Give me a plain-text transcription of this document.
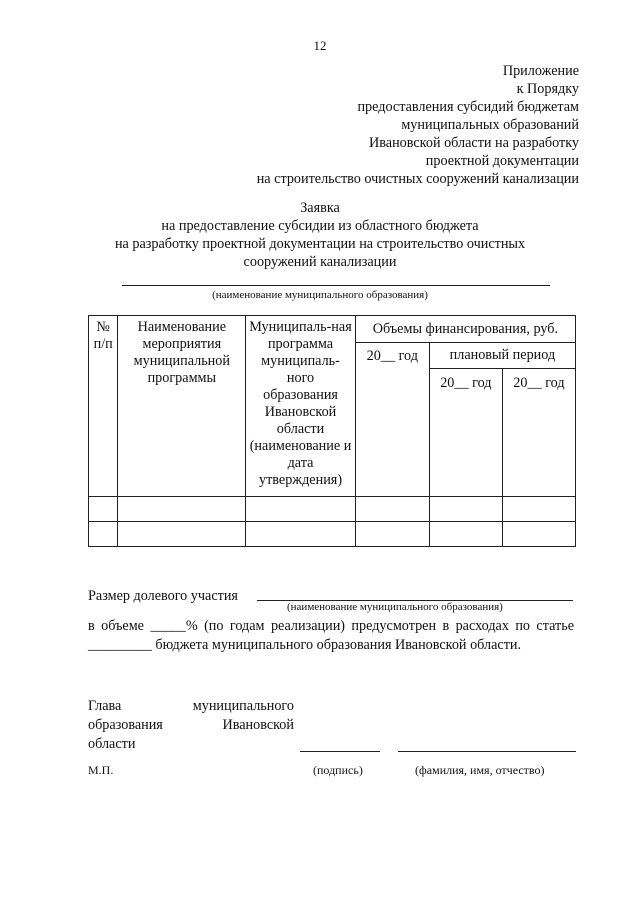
12
Приложение
к Порядку
предоставления субсидий бюджетам
муниципальных образований
Ивановской области на разработку
проектной документации
на строительство очистных сооружений канализации
Заявка
на предоставление субсидии из областного бюджета
на разработку проектной документации на строительство очистных
сооружений канализации
(наименование муниципального образования)
№ п/п	Наименование мероприятия муниципальной программы	Муниципаль-ная программа муниципаль-ного образования Ивановской области (наименование и дата утверждения)	Объемы финансирования, руб.		
			20__ год	плановый период	
				20__ год	20__ год

Размер долевого участия
(наименование муниципального образования)
в объеме _____% (по годам реализации) предусмотрен в расходах по статье _________ бюджета муниципального образования Ивановской области.
Глава муниципального
образования Ивановской
области
М.П.	(подпись)	(фамилия, имя, отчество)
